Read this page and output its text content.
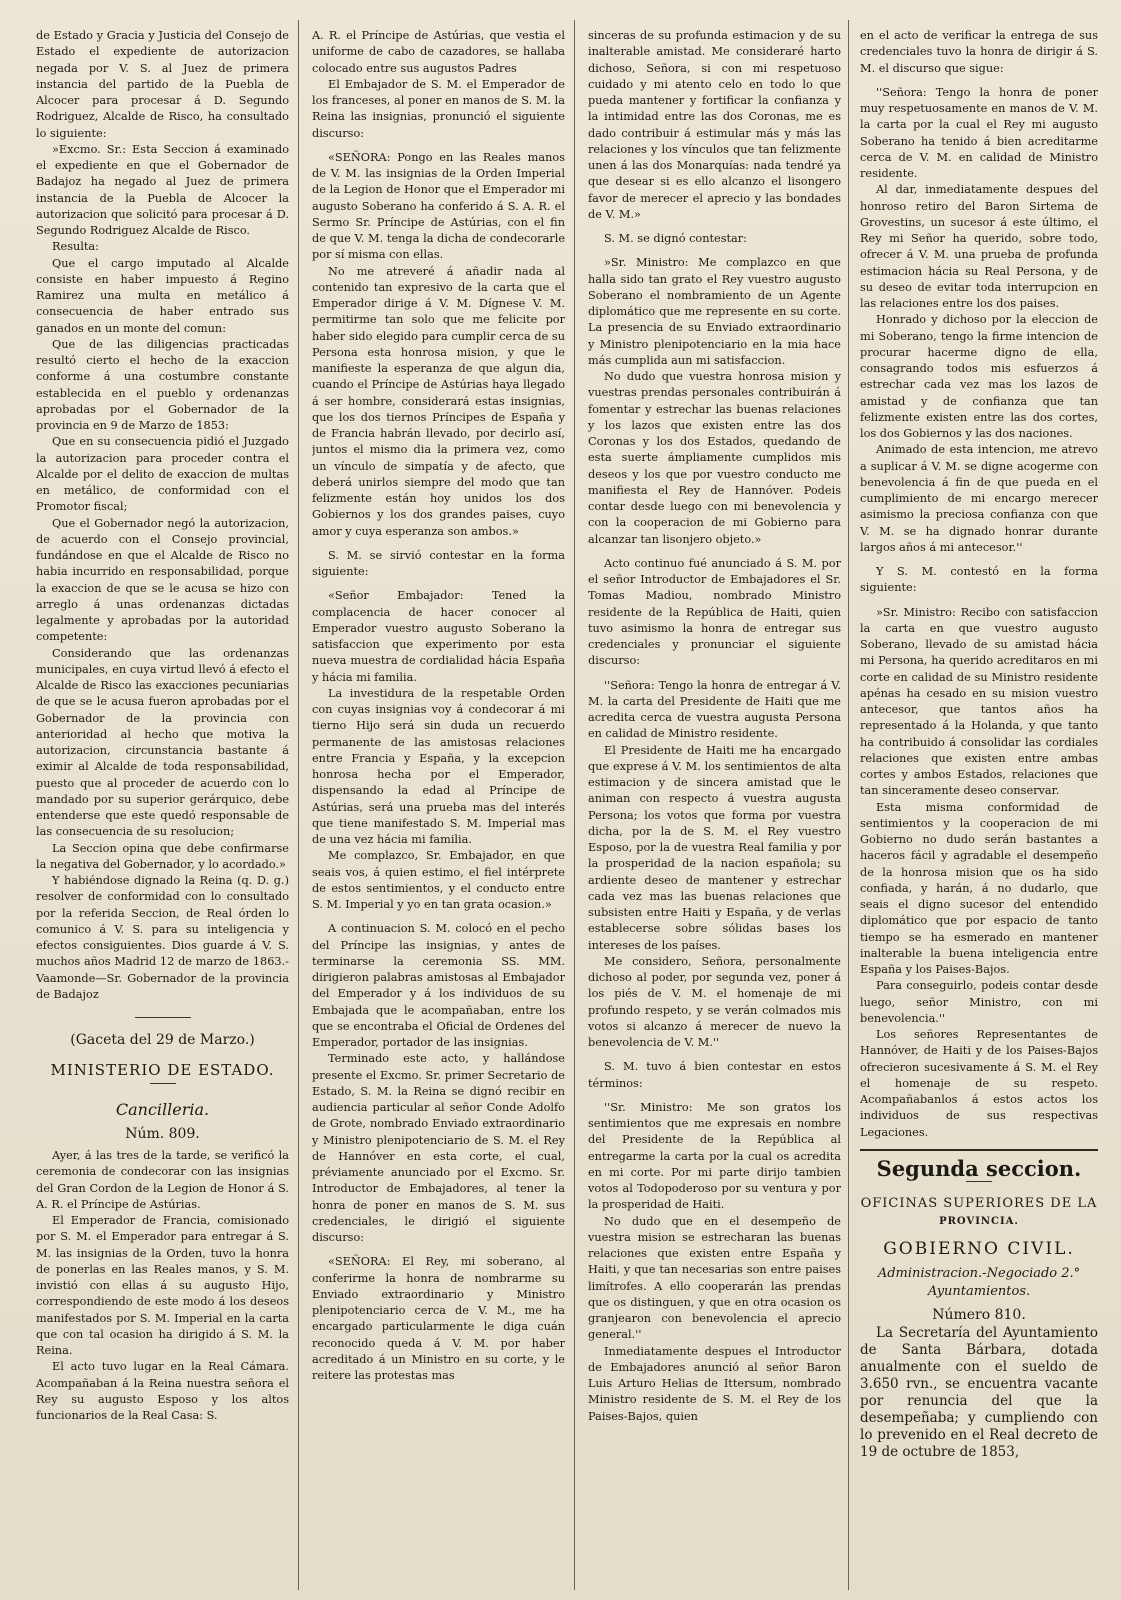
de Estado y Gracia y Justicia del Consejo de Estado el expediente de autorizacion negada por V. S. al Juez de primera instancia del partido de la Puebla de Alcocer para procesar á D. Segundo Rodriguez, Alcalde de Risco, ha consultado lo siguiente:

»Excmo. Sr.: Esta Seccion á examinado el expediente en que el Gobernador de Badajoz ha negado al Juez de primera instancia de la Puebla de Alcocer la autorizacion que solicitó para procesar á D. Segundo Rodriguez Alcalde de Risco.

Resulta:

Que el cargo imputado al Alcalde consiste en haber impuesto á Regino Ramirez una multa en metálico á consecuencia de haber entrado sus ganados en un monte del comun:

Que de las diligencias practicadas resultó cierto el hecho de la exaccion conforme á una costumbre constante establecida en el pueblo y ordenanzas aprobadas por el Gobernador de la provincia en 9 de Marzo de 1853:

Que en su consecuencia pidió el Juzgado la autorizacion para proceder contra el Alcalde por el delito de exaccion de multas en metálico, de conformidad con el Promotor fiscal;

Que el Gobernador negó la autorizacion, de acuerdo con el Consejo provincial, fundándose en que el Alcalde de Risco no habia incurrido en responsabilidad, porque la exaccion de que se le acusa se hizo con arreglo á unas ordenanzas dictadas legalmente y aprobadas por la autoridad competente:

Considerando que las ordenanzas municipales, en cuya virtud llevó á efecto el Alcalde de Risco las exacciones pecuniarias de que se le acusa fueron aprobadas por el Gobernador de la provincia con anterioridad al hecho que motiva la autorizacion, circunstancia bastante á eximir al Alcalde de toda responsabilidad, puesto que al proceder de acuerdo con lo mandado por su superior gerárquico, debe entenderse que este quedó responsable de las consecuencia de su resolucion;

La Seccion opina que debe confirmarse la negativa del Gobernador, y lo acordado.»

Y habiéndose dignado la Reina (q. D. g.) resolver de conformidad con lo consultado por la referida Seccion, de Real órden lo comunico á V. S. para su inteligencia y efectos consiguientes. Dios guarde á V. S. muchos años Madrid 12 de marzo de 1863.- Vaamonde—Sr. Gobernador de la provincia de Badajoz

(Gaceta del 29 de Marzo.)
MINISTERIO DE ESTADO.
Cancilleria.
Núm. 809.

Ayer, á las tres de la tarde, se verificó la ceremonia de condecorar con las insignias del Gran Cordon de la Legion de Honor á S. A. R. el Príncipe de Astúrias.

El Emperador de Francia, comisionado por S. M. el Emperador para entregar á S. M. las insignias de la Orden, tuvo la honra de ponerlas en las Reales manos, y S. M. invistió con ellas á su augusto Hijo, correspondiendo de este modo á los deseos manifestados por S. M. Imperial en la carta que con tal ocasion ha dirigido á S. M. la Reina.

El acto tuvo lugar en la Real Cámara. Acompañaban á la Reina nuestra señora el Rey su augusto Esposo y los altos funcionarios de la Real Casa: S.

A. R. el Príncipe de Astúrias, que vestia el uniforme de cabo de cazadores, se hallaba colocado entre sus augustos Padres

El Embajador de S. M. el Emperador de los franceses, al poner en manos de S. M. la Reina las insignias, pronunció el siguiente discurso:

«SEÑORA: Pongo en las Reales manos de V. M. las insignias de la Orden Imperial de la Legion de Honor que el Emperador mi augusto Soberano ha conferido á S. A. R. el Sermo Sr. Príncipe de Astúrias, con el fin de que V. M. tenga la dicha de condecorarle por sí misma con ellas.

No me atreveré á añadir nada al contenido tan expresivo de la carta que el Emperador dirige á V. M. Dígnese V. M. permitirme tan solo que me felicite por haber sido elegido para cumplir cerca de su Persona esta honrosa mision, y que le manifieste la esperanza de que algun dia, cuando el Príncipe de Astúrias haya llegado á ser hombre, considerará estas insignias, que los dos tiernos Príncipes de España y de Francia habrán llevado, por decirlo así, juntos el mismo dia la primera vez, como un vínculo de simpatía y de afecto, que deberá unirlos siempre del modo que tan felizmente están hoy unidos los dos Gobiernos y los dos grandes paises, cuyo amor y cuya esperanza son ambos.»

S. M. se sirvió contestar en la forma siguiente:

«Señor Embajador: Tened la complacencia de hacer conocer al Emperador vuestro augusto Soberano la satisfaccion que experimento por esta nueva muestra de cordialidad hácia España y hácia mi familia.

La investidura de la respetable Orden con cuyas insignias voy á condecorar á mi tierno Hijo será sin duda un recuerdo permanente de las amistosas relaciones entre Francia y España, y la excepcion honrosa hecha por el Emperador, dispensando la edad al Príncipe de Astúrias, será una prueba mas del interés que tiene manifestado S. M. Imperial mas de una vez hácia mi familia.

Me complazco, Sr. Embajador, en que seais vos, á quien estimo, el fiel intérprete de estos sentimientos, y el conducto entre S. M. Imperial y yo en tan grata ocasion.»

A continuacion S. M. colocó en el pecho del Príncipe las insignias, y antes de terminarse la ceremonia SS. MM. dirigieron palabras amistosas al Embajador del Emperador y á los individuos de su Embajada que le acompañaban, entre los que se encontraba el Oficial de Ordenes del Emperador, portador de las insignias.

Terminado este acto, y hallándose presente el Excmo. Sr. primer Secretario de Estado, S. M. la Reina se dignó recibir en audiencia particular al señor Conde Adolfo de Grote, nombrado Enviado extraordinario y Ministro plenipotenciario de S. M. el Rey de Hannóver en esta corte, el cual, préviamente anunciado por el Excmo. Sr. Introductor de Embajadores, al tener la honra de poner en manos de S. M. sus credenciales, le dirigió el siguiente discurso:

«SEÑORA: El Rey, mi soberano, al conferirme la honra de nombrarme su Enviado extraordinario y Ministro plenipotenciario cerca de V. M., me ha encargado particularmente le diga cuán reconocido queda á V. M. por haber acreditado á un Ministro en su corte, y le reitere las protestas mas

sinceras de su profunda estimacion y de su inalterable amistad. Me consideraré harto dichoso, Señora, si con mi respetuoso cuidado y mi atento celo en todo lo que pueda mantener y fortificar la confianza y la intimidad entre las dos Coronas, me es dado contribuir á estimular más y más las relaciones y los vínculos que tan felizmente unen á las dos Monarquías: nada tendré ya que desear si es ello alcanzo el lisongero favor de merecer el aprecio y las bondades de V. M.»

S. M. se dignó contestar:

»Sr. Ministro: Me complazco en que halla sido tan grato el Rey vuestro augusto Soberano el nombramiento de un Agente diplomático que me represente en su corte. La presencia de su Enviado extraordinario y Ministro plenipotenciario en la mia hace más cumplida aun mi satisfaccion.

No dudo que vuestra honrosa mision y vuestras prendas personales contribuirán á fomentar y estrechar las buenas relaciones y los lazos que existen entre las dos Coronas y los dos Estados, quedando de esta suerte ámpliamente cumplidos mis deseos y los que por vuestro conducto me manifiesta el Rey de Hannóver. Podeis contar desde luego con mi benevolencia y con la cooperacion de mi Gobierno para alcanzar tan lisonjero objeto.»

Acto continuo fué anunciado á S. M. por el señor Introductor de Embajadores el Sr. Tomas Madiou, nombrado Ministro residente de la República de Haiti, quien tuvo asimismo la honra de entregar sus credenciales y pronunciar el siguiente discurso:

''Señora: Tengo la honra de entregar á V. M. la carta del Presidente de Haiti que me acredita cerca de vuestra augusta Persona en calidad de Ministro residente.

El Presidente de Haiti me ha encargado que exprese á V. M. los sentimientos de alta estimacion y de sincera amistad que le animan con respecto á vuestra augusta Persona; los votos que forma por vuestra dicha, por la de S. M. el Rey vuestro Esposo, por la de vuestra Real familia y por la prosperidad de la nacion española; su ardiente deseo de mantener y estrechar cada vez mas las buenas relaciones que subsisten entre Haiti y España, y de verlas establecerse sobre sólidas bases los intereses de los países.

Me considero, Señora, personalmente dichoso al poder, por segunda vez, poner á los piés de V. M. el homenaje de mi profundo respeto, y se verán colmados mis votos si alcanzo á merecer de nuevo la benevolencia de V. M.''

S. M. tuvo á bien contestar en estos términos:

''Sr. Ministro: Me son gratos los sentimientos que me expresais en nombre del Presidente de la República al entregarme la carta por la cual os acredita en mi corte. Por mi parte dirijo tambien votos al Todopoderoso por su ventura y por la prosperidad de Haiti.

No dudo que en el desempeño de vuestra mision se estrecharan las buenas relaciones que existen entre España y Haiti, y que tan necesarias son entre paises limítrofes. A ello cooperarán las prendas que os distinguen, y que en otra ocasion os granjearon con benevolencia el aprecio general.''

Inmediatamente despues el Introductor de Embajadores anunció al señor Baron Luis Arturo Helias de Ittersum, nombrado Ministro residente de S. M. el Rey de los Paises-Bajos, quien

en el acto de verificar la entrega de sus credenciales tuvo la honra de dirigir á S. M. el discurso que sigue:

''Señora: Tengo la honra de poner muy respetuosamente en manos de V. M. la carta por la cual el Rey mi augusto Soberano ha tenido á bien acreditarme cerca de V. M. en calidad de Ministro residente.

Al dar, inmediatamente despues del honroso retiro del Baron Sirtema de Grovestins, un sucesor á este último, el Rey mi Señor ha querido, sobre todo, ofrecer á V. M. una prueba de profunda estimacion hácia su Real Persona, y de su deseo de evitar toda interrupcion en las relaciones entre los dos paises.

Honrado y dichoso por la eleccion de mi Soberano, tengo la firme intencion de procurar hacerme digno de ella, consagrando todos mis esfuerzos á estrechar cada vez mas los lazos de amistad y de confianza que tan felizmente existen entre las dos cortes, los dos Gobiernos y las dos naciones.

Animado de esta intencion, me atrevo a suplicar á V. M. se digne acogerme con benevolencia á fin de que pueda en el cumplimiento de mi encargo merecer asimismo la preciosa confianza con que V. M. se ha dignado honrar durante largos años á mi antecesor.''

Y S. M. contestó en la forma siguiente:

»Sr. Ministro: Recibo con satisfaccion la carta en que vuestro augusto Soberano, llevado de su amistad hácia mi Persona, ha querido acreditaros en mi corte en calidad de su Ministro residente apénas ha cesado en su mision vuestro antecesor, que tantos años ha representado á la Holanda, y que tanto ha contribuido á consolidar las cordiales relaciones que existen entre ambas cortes y ambos Estados, relaciones que tan sinceramente deseo conservar.

Esta misma conformidad de sentimientos y la cooperacion de mi Gobierno no dudo serán bastantes a haceros fácil y agradable el desempeño de la honrosa mision que os ha sido confiada, y harán, á no dudarlo, que seais el digno sucesor del entendido diplomático que por espacio de tanto tiempo se ha esmerado en mantener inalterable la buena inteligencia entre España y los Paises-Bajos.

Para conseguirlo, podeis contar desde luego, señor Ministro, con mi benevolencia.''

Los señores Representantes de Hannóver, de Haiti y de los Paises-Bajos ofrecieron sucesivamente á S. M. el Rey el homenaje de su respeto. Acompañabanlos á estos actos los individuos de sus respectivas Legaciones.

Segunda seccion.
OFICINAS SUPERIORES DE LA
PROVINCIA.
GOBIERNO CIVIL.
Administracion.-Negociado 2.° Ayuntamientos.
Número 810.

La Secretaría del Ayuntamiento de Santa Bárbara, dotada anualmente con el sueldo de 3.650 rvn., se encuentra vacante por renuncia del que la desempeñaba; y cumpliendo con lo prevenido en el Real decreto de 19 de octubre de 1853,
